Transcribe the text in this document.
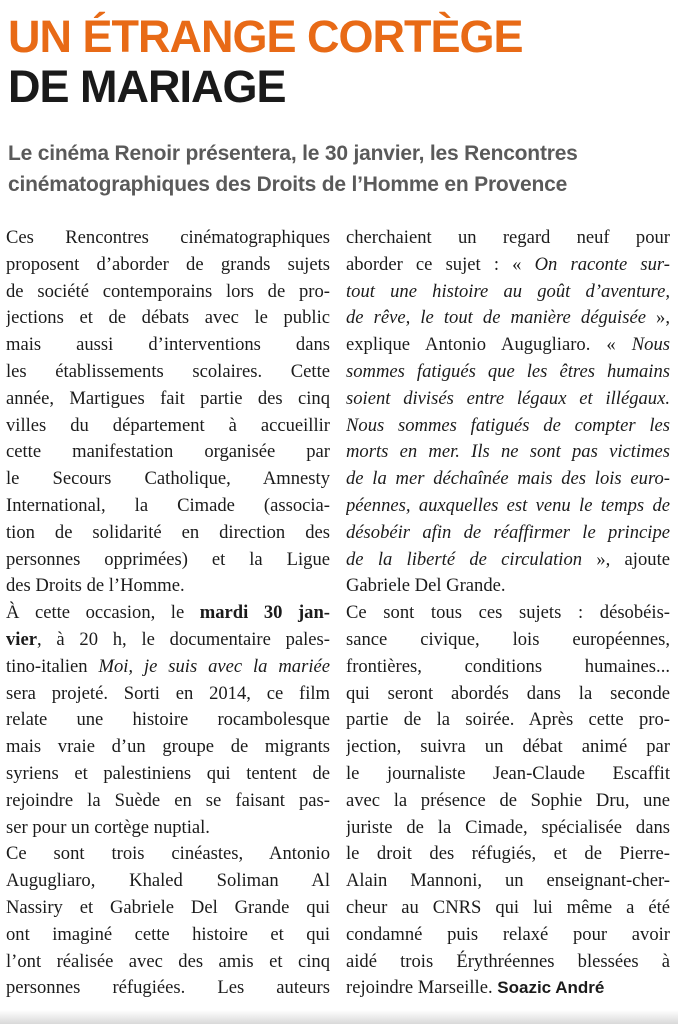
UN ÉTRANGE CORTÈGE
DE MARIAGE
Le cinéma Renoir présentera, le 30 janvier, les Rencontres
cinématographiques des Droits de l’Homme en Provence
Ces Rencontres cinématographiques
proposent d’aborder de grands sujets
de société contemporains lors de pro-
jections et de débats avec le public
mais aussi d’interventions dans
les établissements scolaires. Cette
année, Martigues fait partie des cinq
villes du département à accueillir
cette manifestation organisée par
le Secours Catholique, Amnesty
International, la Cimade (associa-
tion de solidarité en direction des
personnes opprimées) et la Ligue
des Droits de l’Homme.
À cette occasion, le mardi 30 jan-
vier, à 20 h, le documentaire pales-
tino-italien Moi, je suis avec la mariée
sera projeté. Sorti en 2014, ce film
relate une histoire rocambolesque
mais vraie d’un groupe de migrants
syriens et palestiniens qui tentent de
rejoindre la Suède en se faisant pas-
ser pour un cortège nuptial.
Ce sont trois cinéastes, Antonio
Augugliaro, Khaled Soliman Al
Nassiry et Gabriele Del Grande qui
ont imaginé cette histoire et qui
l’ont réalisée avec des amis et cinq
personnes réfugiées. Les auteurs
cherchaient un regard neuf pour
aborder ce sujet : « On raconte sur-
tout une histoire au goût d’aventure,
de rêve, le tout de manière déguisée »,
explique Antonio Augugliaro. « Nous
sommes fatigués que les êtres humains
soient divisés entre légaux et illégaux.
Nous sommes fatigués de compter les
morts en mer. Ils ne sont pas victimes
de la mer déchaînée mais des lois euro-
péennes, auxquelles est venu le temps de
désobéir afin de réaffirmer le principe
de la liberté de circulation », ajoute
Gabriele Del Grande.
Ce sont tous ces sujets : désobéis-
sance civique, lois européennes,
frontières, conditions humaines...
qui seront abordés dans la seconde
partie de la soirée. Après cette pro-
jection, suivra un débat animé par
le journaliste Jean-Claude Escaffit
avec la présence de Sophie Dru, une
juriste de la Cimade, spécialisée dans
le droit des réfugiés, et de Pierre-
Alain Mannoni, un enseignant-cher-
cheur au CNRS qui lui même a été
condamné puis relaxé pour avoir
aidé trois Érythréennes blessées à
rejoindre Marseille. Soazic André
